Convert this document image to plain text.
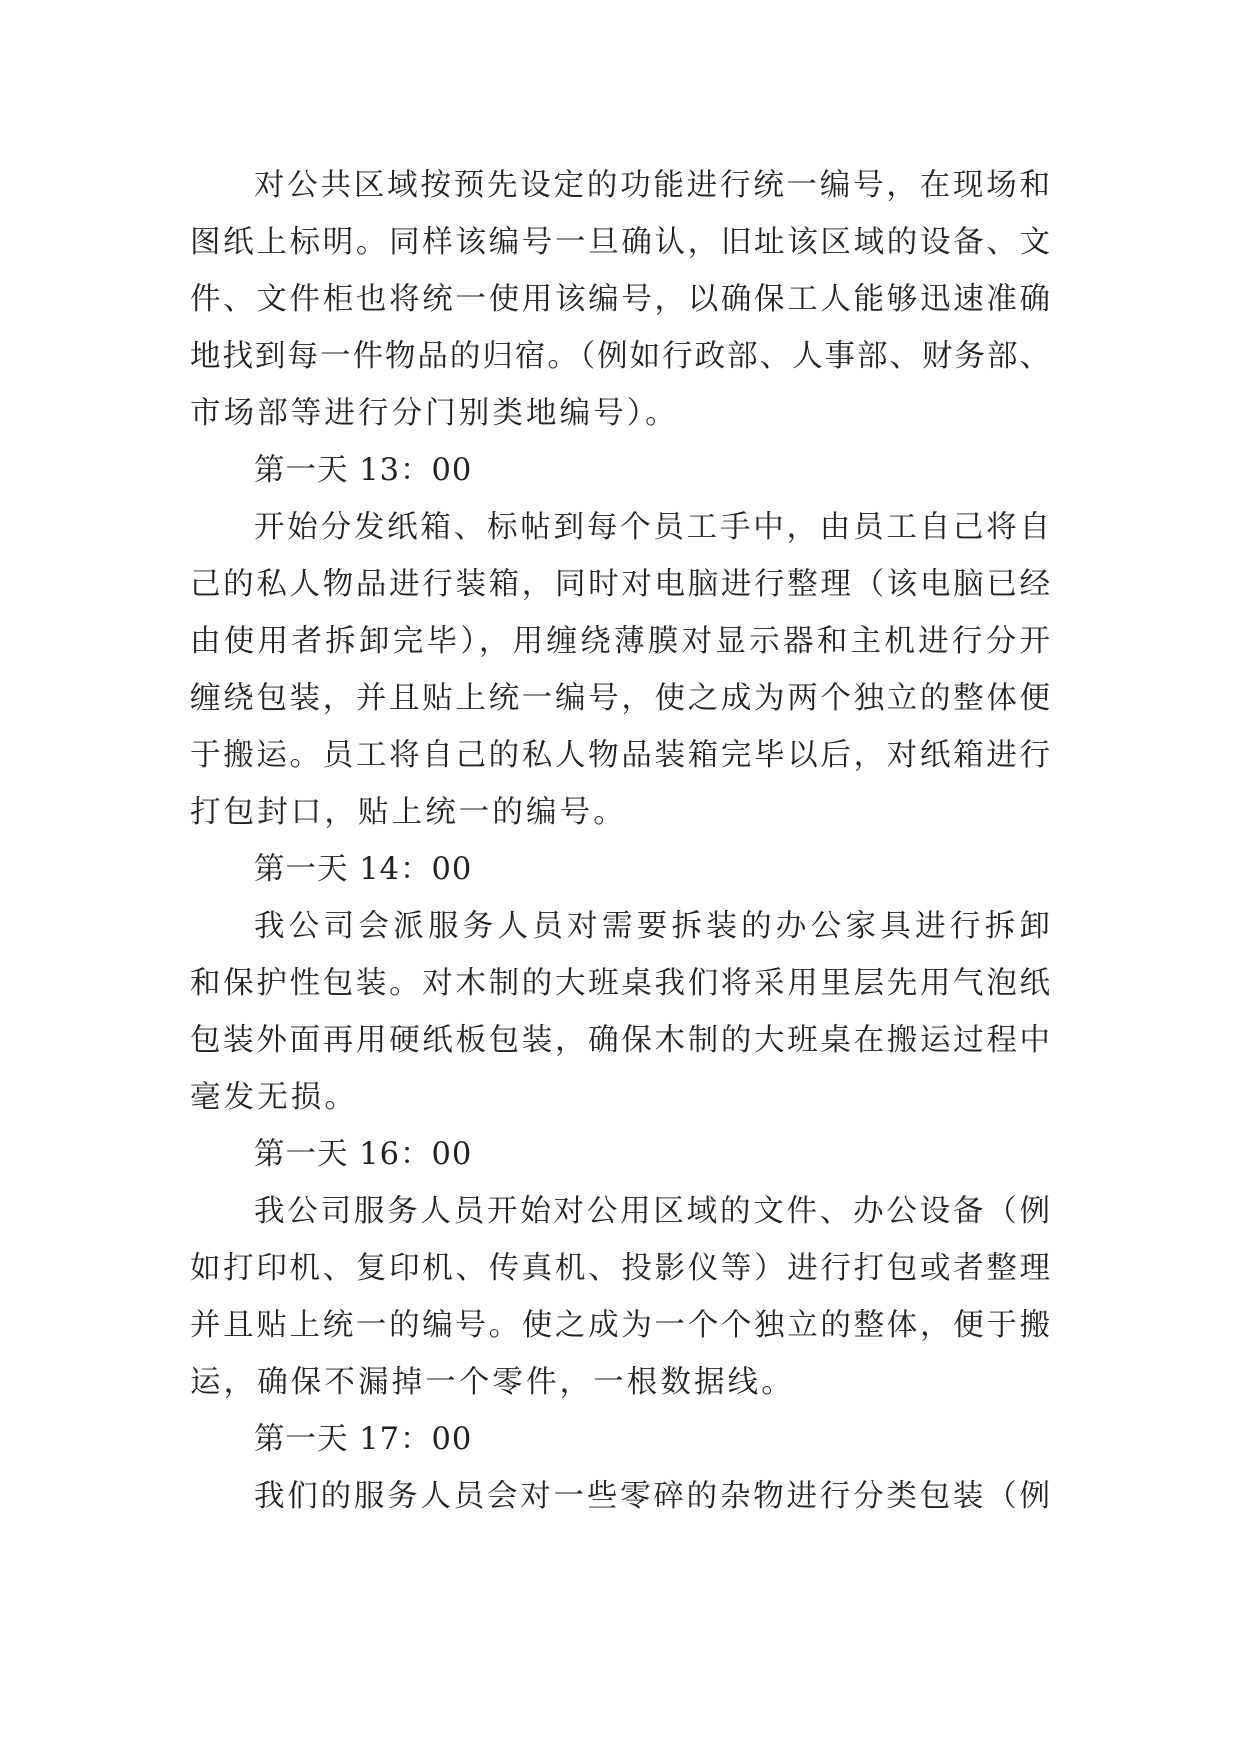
对公共区域按预先设定的功能进行统一编号，在现场和
图纸上标明。同样该编号一旦确认，旧址该区域的设备、文
件、文件柜也将统一使用该编号，以确保工人能够迅速准确
地找到每一件物品的归宿。（例如行政部、人事部、财务部、
市场部等进行分门别类地编号）。
第一天 13：00
开始分发纸箱、标帖到每个员工手中，由员工自己将自
己的私人物品进行装箱，同时对电脑进行整理（该电脑已经
由使用者拆卸完毕），用缠绕薄膜对显示器和主机进行分开
缠绕包装，并且贴上统一编号，使之成为两个独立的整体便
于搬运。员工将自己的私人物品装箱完毕以后，对纸箱进行
打包封口，贴上统一的编号。
第一天 14：00
我公司会派服务人员对需要拆装的办公家具进行拆卸
和保护性包装。对木制的大班桌我们将采用里层先用气泡纸
包装外面再用硬纸板包装，确保木制的大班桌在搬运过程中
毫发无损。
第一天 16：00
我公司服务人员开始对公用区域的文件、办公设备（例
如打印机、复印机、传真机、投影仪等）进行打包或者整理
并且贴上统一的编号。使之成为一个个独立的整体，便于搬
运，确保不漏掉一个零件，一根数据线。
第一天 17：00
我们的服务人员会对一些零碎的杂物进行分类包装（例
